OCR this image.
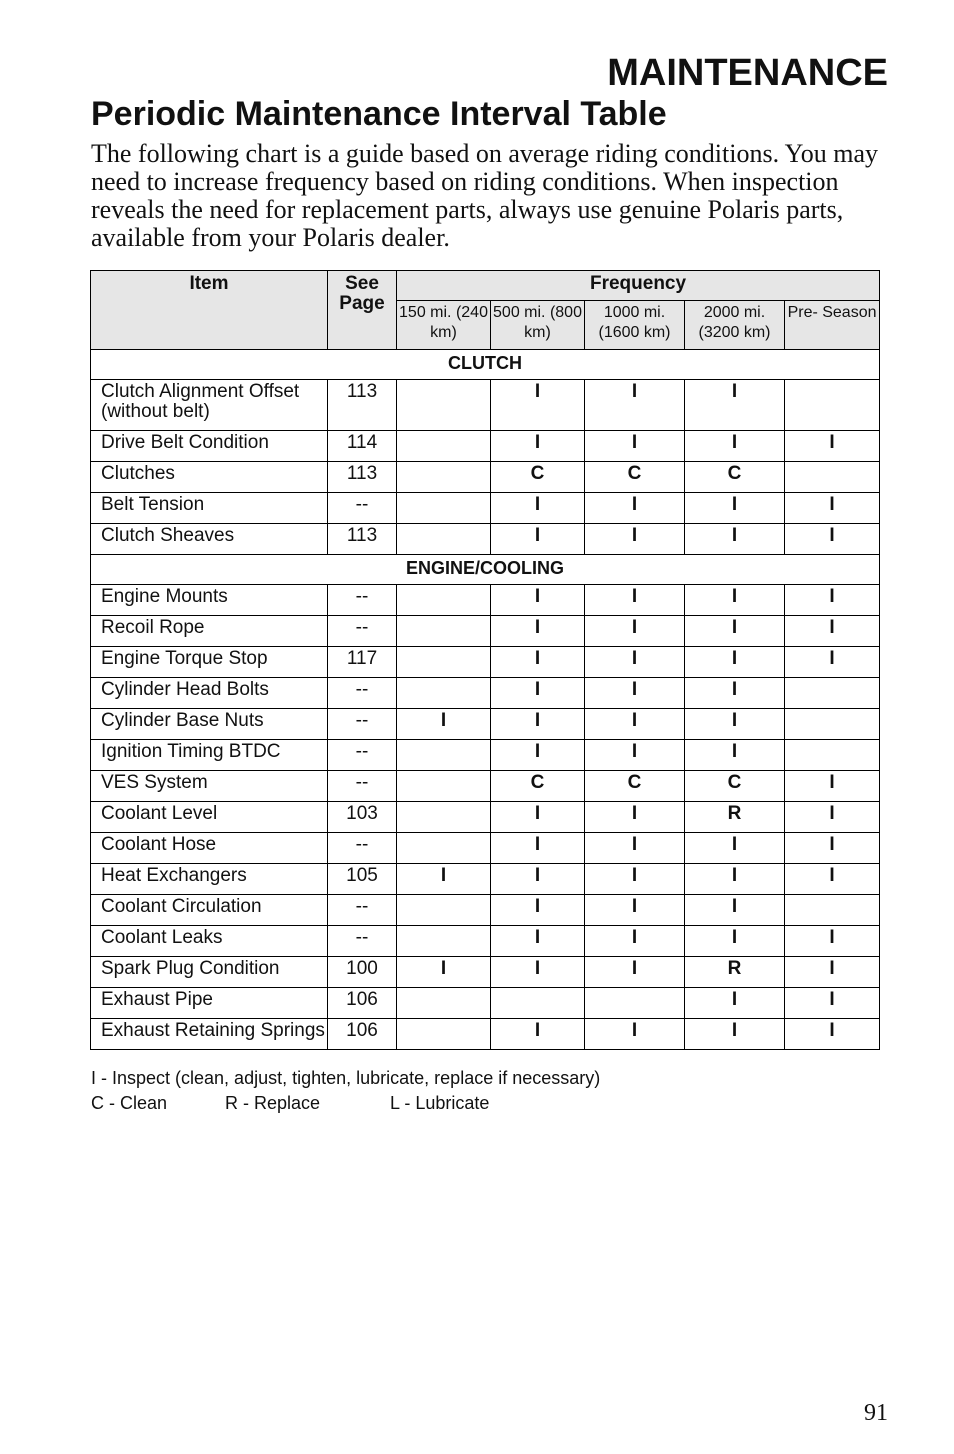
MAINTENANCE
Periodic Maintenance Interval Table
The following chart is a guide based on average riding conditions. You may need to increase frequency based on riding conditions. When inspection reveals the need for replacement parts, always use genuine Polaris parts, available from your Polaris dealer.
Item	See Page	Frequency				
		150 mi. (240 km)	500 mi. (800 km)	1000 mi. (1600 km)	2000 mi. (3200 km)	Pre- Season
CLUTCH						
Clutch Alignment Offset (without belt)	113		I	I	I	
Drive Belt Condition	114		I	I	I	I
Clutches	113		C	C	C	
Belt Tension	--		I	I	I	I
Clutch Sheaves	113		I	I	I	I
ENGINE/COOLING						
Engine Mounts	--		I	I	I	I
Recoil Rope	--		I	I	I	I
Engine Torque Stop	117		I	I	I	I
Cylinder Head Bolts	--		I	I	I	
Cylinder Base Nuts	--	I	I	I	I	
Ignition Timing BTDC	--		I	I	I	
VES System	--		C	C	C	I
Coolant Level	103		I	I	R	I
Coolant Hose	--		I	I	I	I
Heat Exchangers	105	I	I	I	I	I
Coolant Circulation	--		I	I	I	
Coolant Leaks	--		I	I	I	I
Spark Plug Condition	100	I	I	I	R	I
Exhaust Pipe	106				I	I
Exhaust Retaining Springs	106		I	I	I	I
I - Inspect (clean, adjust, tighten, lubricate, replace if necessary)
C - Clean	R - Replace	L - Lubricate
91
